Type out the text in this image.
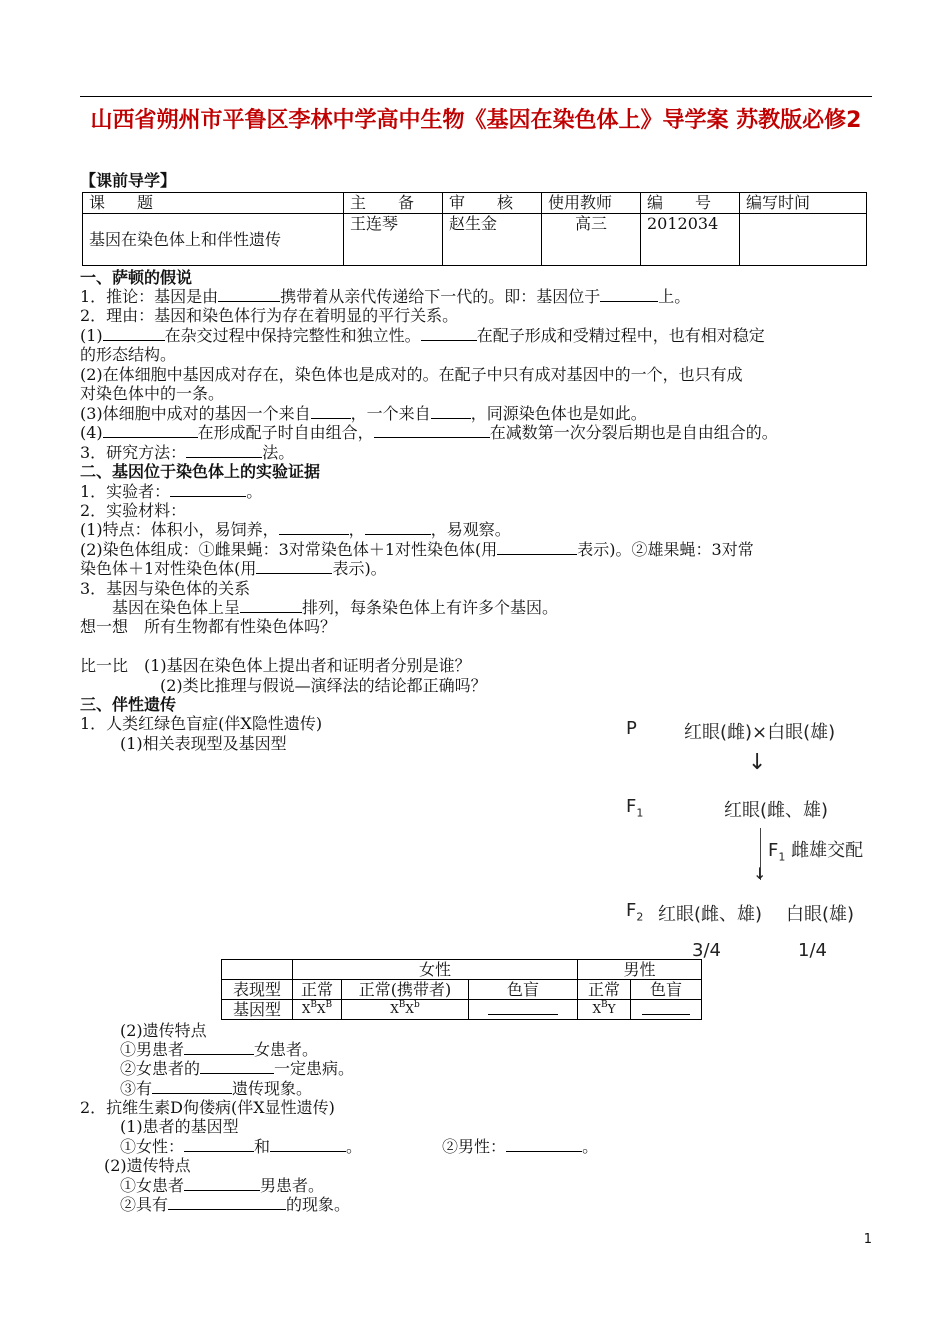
山西省朔州市平鲁区李林中学高中生物《基因在染色体上》导学案 苏教版必修2
【课前导学】
课　　题	主　　备	审　　核	使用教师	编　　号	编写时间
基因在染色体上和伴性遗传	王连琴	赵生金	高三	2012034	
一、萨顿的假说
1．推论：基因是由	携带着从亲代传递给下一代的。即：基因位于	上。
2．理由：基因和染色体行为存在着明显的平行关系。
(1)	在杂交过程中保持完整性和独立性。	在配子形成和受精过程中，也有相对稳定
的形态结构。
(2)在体细胞中基因成对存在，染色体也是成对的。在配子中只有成对基因中的一个，也只有成
对染色体中的一条。
(3)体细胞中成对的基因一个来自	，一个来自	，同源染色体也是如此。
(4)	在形成配子时自由组合，	在减数第一次分裂后期也是自由组合的。
3．研究方法：	法。
二、基因位于染色体上的实验证据
1．实验者：	。
2．实验材料：
(1)特点：体积小，易饲养，	，	，易观察。
(2)染色体组成：①雌果蝇：3对常染色体＋1对性染色体(用	表示)。②雄果蝇：3对常
染色体＋1对性染色体(用	表示)。
3．基因与染色体的关系
基因在染色体上呈	排列，每条染色体上有许多个基因。
想一想　所有生物都有性染色体吗？
比一比　(1)基因在染色体上提出者和证明者分别是谁？
(2)类比推理与假说—演绎法的结论都正确吗？
三、伴性遗传
1．人类红绿色盲症(伴X隐性遗传)
(1)相关表现型及基因型
P	红眼(雌)×白眼(雄)
↓
$F_1$	红眼(雌、雄)
↓
$F_1$ 雌雄交配
$F_2$ 红眼(雌、雄) 白眼(雄)
3/4	1/4
	女性			男性	
表现型	正常	正常(携带者)	色盲	正常	色盲
基因型	$X^BX^B$	$X^BX^b$		$X^BY$	
(2)遗传特点
①男患者	女患者。
②女患者的	一定患病。
③有	遗传现象。
2．抗维生素D佝偻病(伴X显性遗传)
(1)患者的基因型
①女性：	和	。	②男性：	。
(2)遗传特点
①女患者	男患者。
②具有	的现象。
1
